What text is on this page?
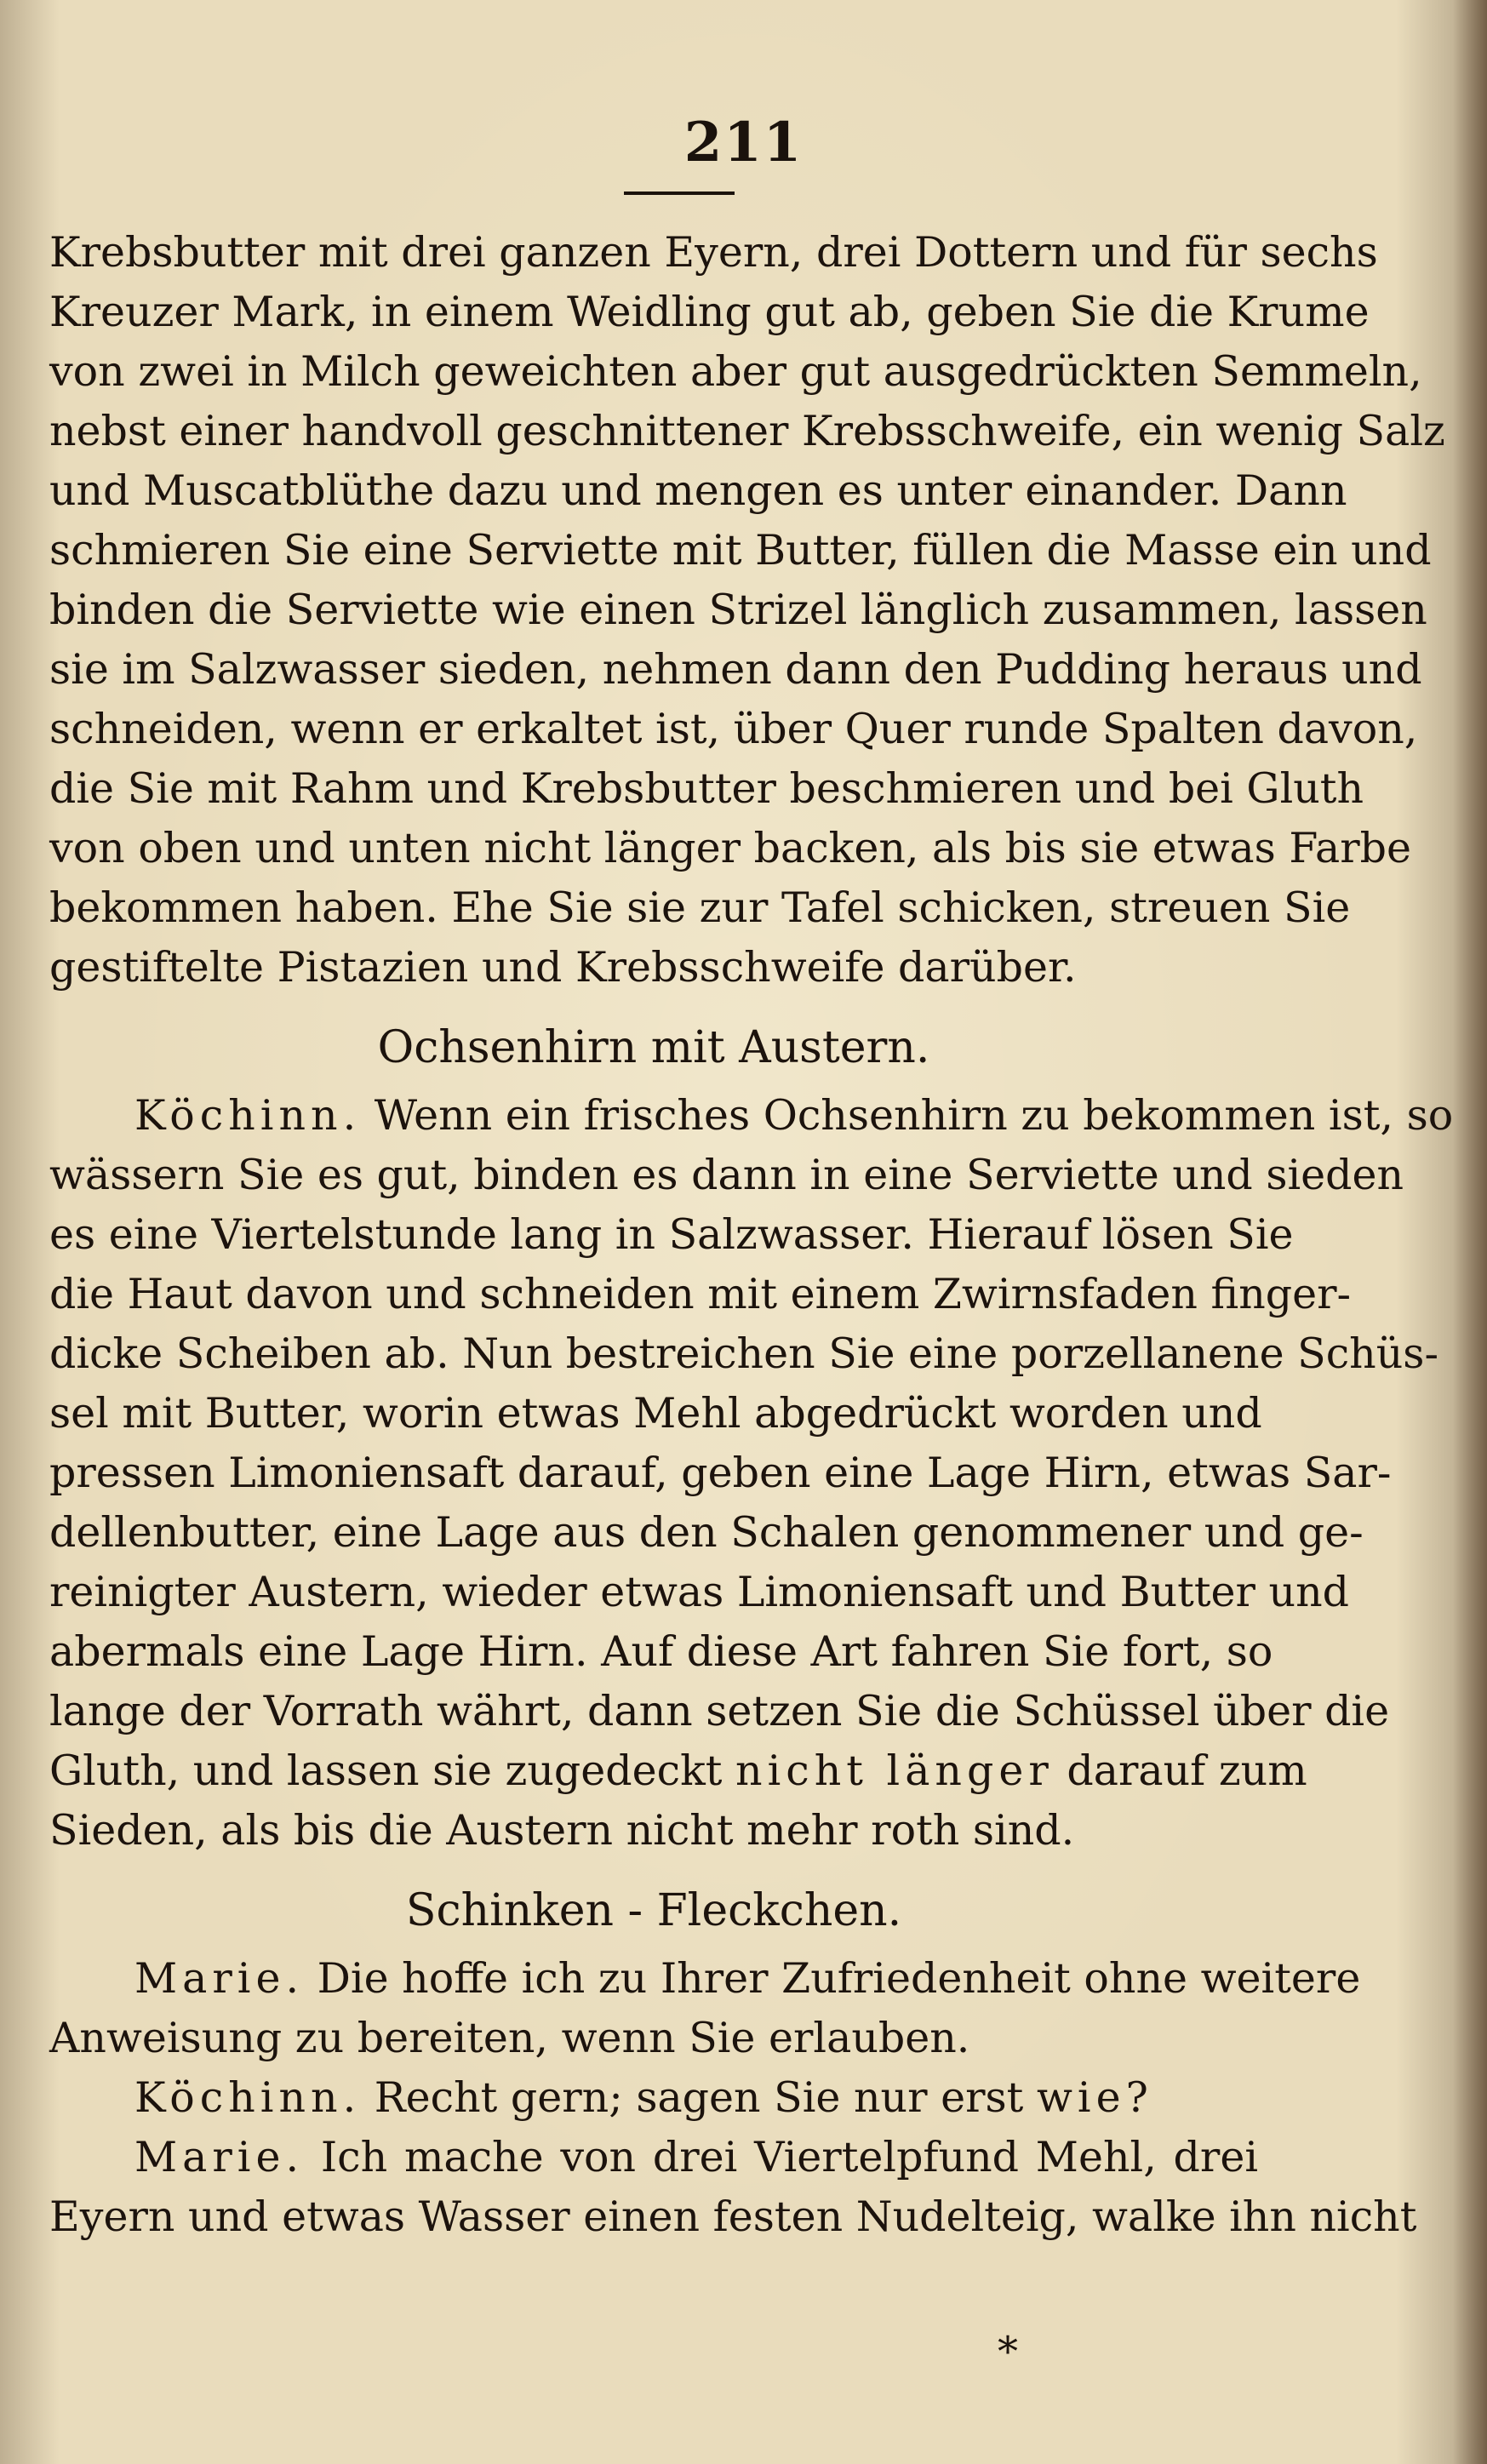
211
Krebsbutter mit drei ganzen Eyern, drei Dottern und für sechs
Kreuzer Mark, in einem Weidling gut ab, geben Sie die Krume
von zwei in Milch geweichten aber gut ausgedrückten Semmeln,
nebst einer handvoll geschnittener Krebsschweife, ein wenig Salz
und Muscatblüthe dazu und mengen es unter einander. Dann
schmieren Sie eine Serviette mit Butter, füllen die Masse ein und
binden die Serviette wie einen Strizel länglich zusammen, lassen
sie im Salzwasser sieden, nehmen dann den Pudding heraus und
schneiden, wenn er erkaltet ist, über Quer runde Spalten davon,
die Sie mit Rahm und Krebsbutter beschmieren und bei Gluth
von oben und unten nicht länger backen, als bis sie etwas Farbe
bekommen haben. Ehe Sie sie zur Tafel schicken, streuen Sie
gestiftelte Pistazien und Krebsschweife darüber.
Ochsenhirn mit Austern.
Köchinn. Wenn ein frisches Ochsenhirn zu bekommen ist, so
wässern Sie es gut, binden es dann in eine Serviette und sieden
es eine Viertelstunde lang in Salzwasser. Hierauf lösen Sie
die Haut davon und schneiden mit einem Zwirnsfaden finger-
dicke Scheiben ab. Nun bestreichen Sie eine porzellanene Schüs-
sel mit Butter, worin etwas Mehl abgedrückt worden und
pressen Limoniensaft darauf, geben eine Lage Hirn, etwas Sar-
dellenbutter, eine Lage aus den Schalen genommener und ge-
reinigter Austern, wieder etwas Limoniensaft und Butter und
abermals eine Lage Hirn. Auf diese Art fahren Sie fort, so
lange der Vorrath währt, dann setzen Sie die Schüssel über die
Gluth, und lassen sie zugedeckt nicht länger darauf zum
Sieden, als bis die Austern nicht mehr roth sind.
Schinken - Fleckchen.
Marie. Die hoffe ich zu Ihrer Zufriedenheit ohne weitere
Anweisung zu bereiten, wenn Sie erlauben.
Köchinn. Recht gern; sagen Sie nur erst wie?
Marie. Ich mache von drei Viertelpfund Mehl, drei
Eyern und etwas Wasser einen festen Nudelteig, walke ihn nicht
*
